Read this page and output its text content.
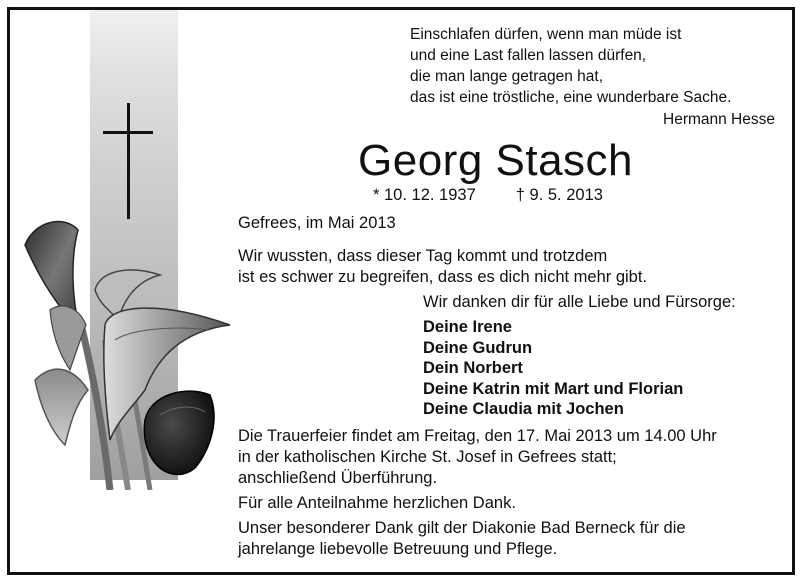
Einschlafen dürfen, wenn man müde ist
und eine Last fallen lassen dürfen,
die man lange getragen hat,
das ist eine tröstliche, eine wunderbare Sache.
Hermann Hesse
Georg Stasch
* 10. 12. 1937 † 9. 5. 2013
Gefrees, im Mai 2013
Wir wussten, dass dieser Tag kommt und trotzdem
ist es schwer zu begreifen, dass es dich nicht mehr gibt.
Wir danken dir für alle Liebe und Fürsorge:
Deine Irene
Deine Gudrun
Dein Norbert
Deine Katrin mit Mart und Florian
Deine Claudia mit Jochen
Die Trauerfeier findet am Freitag, den 17. Mai 2013 um 14.00 Uhr
in der katholischen Kirche St. Josef in Gefrees statt;
anschließend Überführung.
Für alle Anteilnahme herzlichen Dank.
Unser besonderer Dank gilt der Diakonie Bad Berneck für die
jahrelange liebevolle Betreuung und Pflege.
